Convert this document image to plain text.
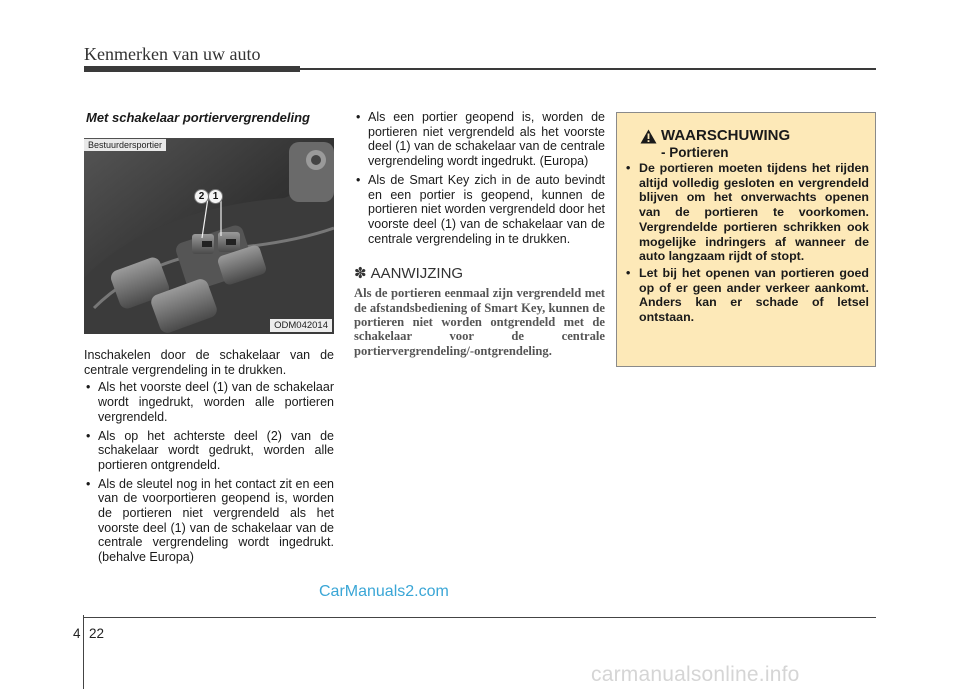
Kenmerken van uw auto
Met schakelaar portiervergrendeling
Bestuurdersportier
2 1
ODM042014
Inschakelen door de schakelaar van de centrale vergrendeling in te drukken.
• Als het voorste deel (1) van de schakelaar wordt ingedrukt, worden alle portieren vergrendeld.
• Als op het achterste deel (2) van de schakelaar wordt gedrukt, worden alle portieren ontgrendeld.
• Als de sleutel nog in het contact zit en een van de voorportieren geopend is, worden de portieren niet vergrendeld als het voorste deel (1) van de schakelaar van de centrale vergrendeling wordt ingedrukt. (behalve Europa)
• Als een portier geopend is, worden de portieren niet vergrendeld als het voorste deel (1) van de schakelaar van de centrale vergrendeling wordt ingedrukt. (Europa)
• Als de Smart Key zich in de auto bevindt en een portier is geopend, kunnen de portieren niet worden vergrendeld door het voorste deel (1) van de schakelaar van de centrale vergrendeling in te drukken.
✽ AANWIJZING
Als de portieren eenmaal zijn vergrendeld met de afstandsbediening of Smart Key, kunnen de portieren niet worden ontgrendeld met de schakelaar voor de centrale portiervergrendeling/-ontgrendeling.
WAARSCHUWING
- Portieren
• De portieren moeten tijdens het rijden altijd volledig gesloten en vergrendeld blijven om het onverwachts openen van de portieren te voorkomen. Vergrendelde portieren schrikken ook mogelijke indringers af wanneer de auto langzaam rijdt of stopt.
• Let bij het openen van portieren goed op of er geen ander verkeer aankomt. Anders kan er schade of letsel ontstaan.
CarManuals2.com
4 22
carmanualsonline.info
